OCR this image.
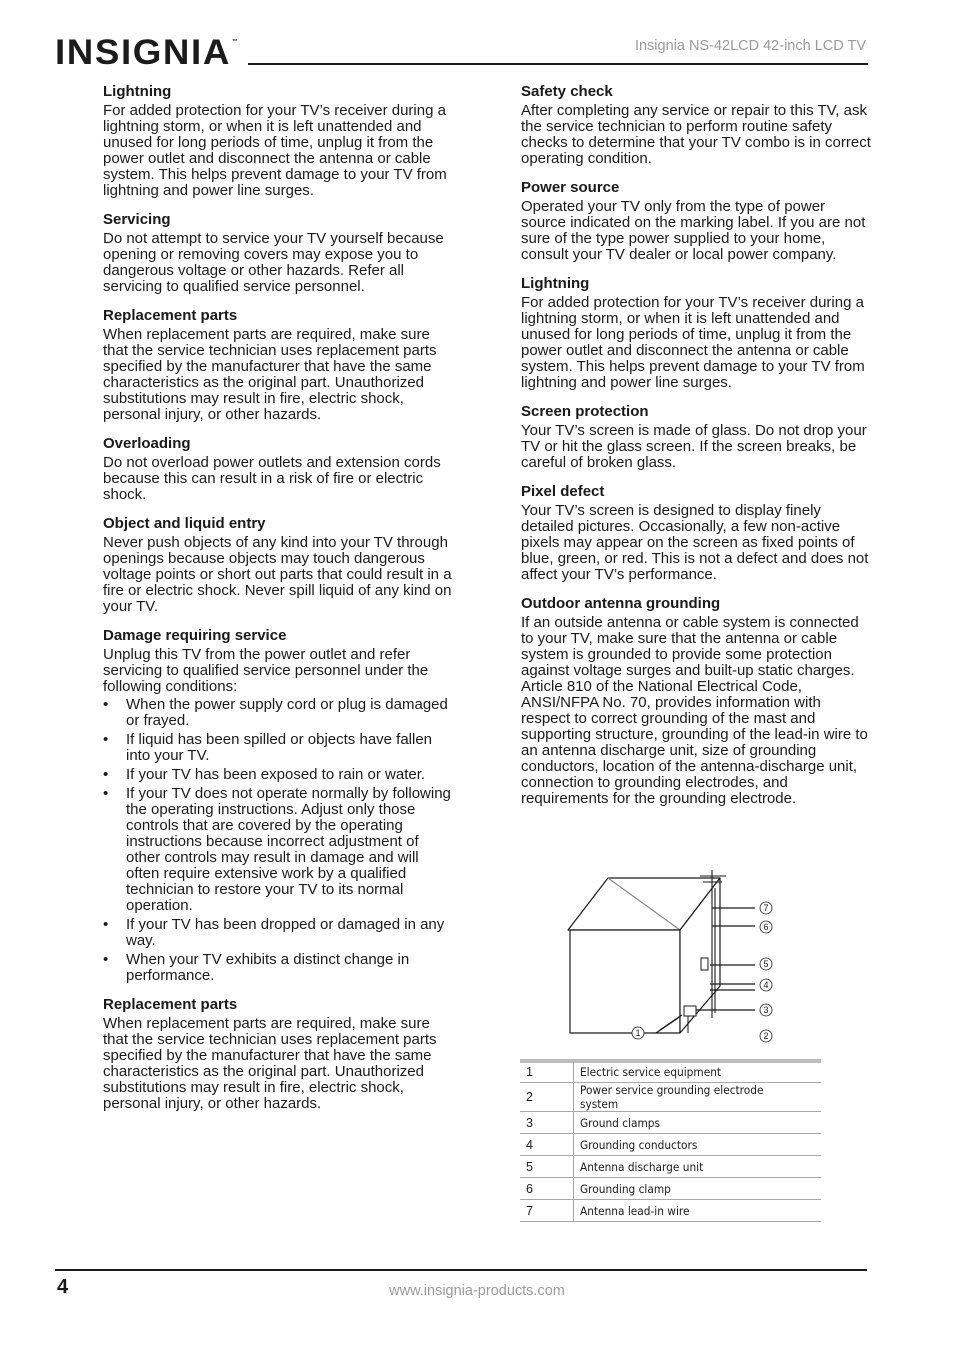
INSIGNIA ™	Insignia NS-42LCD 42-inch LCD TV
Lightning

For added protection for your TV’s receiver during a lightning storm, or when it is left unattended and unused for long periods of time, unplug it from the power outlet and disconnect the antenna or cable system. This helps prevent damage to your TV from lightning and power line surges.

Servicing

Do not attempt to service your TV yourself because opening or removing covers may expose you to dangerous voltage or other hazards. Refer all servicing to qualified service personnel.

Replacement parts

When replacement parts are required, make sure that the service technician uses replacement parts specified by the manufacturer that have the same characteristics as the original part. Unauthorized substitutions may result in fire, electric shock, personal injury, or other hazards.

Overloading

Do not overload power outlets and extension cords because this can result in a risk of fire or electric shock.

Object and liquid entry

Never push objects of any kind into your TV through openings because objects may touch dangerous voltage points or short out parts that could result in a fire or electric shock. Never spill liquid of any kind on your TV.

Damage requiring service

Unplug this TV from the power outlet and refer servicing to qualified service personnel under the following conditions:

• When the power supply cord or plug is damaged or frayed.
• If liquid has been spilled or objects have fallen into your TV.
• If your TV has been exposed to rain or water.
• If your TV does not operate normally by following the operating instructions. Adjust only those controls that are covered by the operating instructions because incorrect adjustment of other controls may result in damage and will often require extensive work by a qualified technician to restore your TV to its normal operation.
• If your TV has been dropped or damaged in any way.
• When your TV exhibits a distinct change in performance.
Replacement parts

When replacement parts are required, make sure that the service technician uses replacement parts specified by the manufacturer that have the same characteristics as the original part. Unauthorized substitutions may result in fire, electric shock, personal injury, or other hazards.

Safety check

After completing any service or repair to this TV, ask the service technician to perform routine safety checks to determine that your TV combo is in correct operating condition.

Power source

Operated your TV only from the type of power source indicated on the marking label. If you are not sure of the type power supplied to your home, consult your TV dealer or local power company.

Lightning

For added protection for your TV’s receiver during a lightning storm, or when it is left unattended and unused for long periods of time, unplug it from the power outlet and disconnect the antenna or cable system. This helps prevent damage to your TV from lightning and power line surges.

Screen protection

Your TV’s screen is made of glass. Do not drop your TV or hit the glass screen. If the screen breaks, be careful of broken glass.

Pixel defect

Your TV’s screen is designed to display finely detailed pictures. Occasionally, a few non-active pixels may appear on the screen as fixed points of blue, green, or red. This is not a defect and does not affect your TV’s performance.

Outdoor antenna grounding

If an outside antenna or cable system is connected to your TV, make sure that the antenna or cable system is grounded to provide some protection against voltage surges and built-up static charges. Article 810 of the National Electrical Code, ANSI/NFPA No. 70, provides information with respect to correct grounding of the mast and supporting structure, grounding of the lead-in wire to an antenna discharge unit, size of grounding conductors, location of the antenna-discharge unit, connection to grounding electrodes, and requirements for the grounding electrode.

7
6
5
4
3
2
1
1	Electric service equipment
2	Power service grounding electrode system
3	Ground clamps
4	Grounding conductors
5	Antenna discharge unit
6	Grounding clamp
7	Antenna lead-in wire
4	www.insignia-products.com
